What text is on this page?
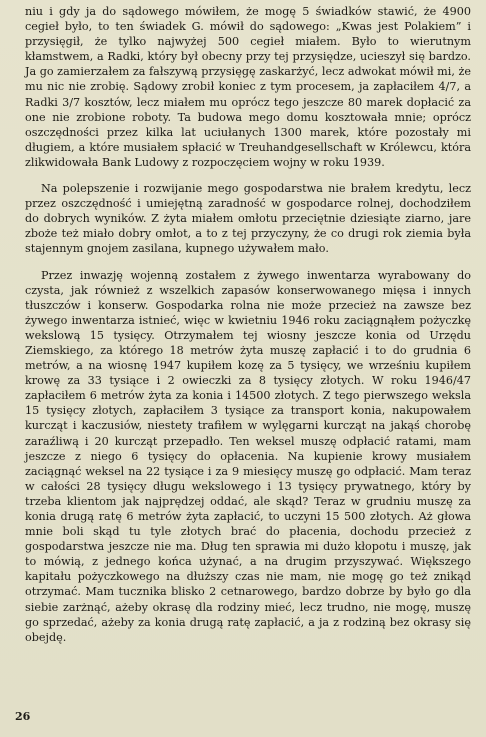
niu i gdy ja do sądowego mówiłem, że mogę 5 świadków stawić, że 4900 cegieł było, to ten świadek G. mówił do sądowego: „Kwas jest Polakiem” i przysięgił, że tylko najwyżej 500 cegieł miałem. Było to wierutnym kłamstwem, a Radki, który był obecny przy tej przysiędze, ucieszył się bardzo. Ja go zamierzałem za fałszywą przysięgę zaskarżyć, lecz adwokat mówił mi, że mu nic nie zrobię. Sądowy zrobił koniec z tym procesem, ja zapłaciłem 4/7, a Radki 3/7 kosztów, lecz miałem mu oprócz tego jeszcze 80 marek dopłacić za one nie zrobione roboty. Ta budowa mego domu kosztowała mnie; oprócz oszczędności przez kilka lat uciułanych 1300 marek, które pozostały mi długiem, a które musiałem spłacić w Treuhandgesellschaft w Królewcu, która zlikwidowała Bank Ludowy z rozpoczęciem wojny w roku 1939.

Na polepszenie i rozwijanie mego gospodarstwa nie brałem kredytu, lecz przez oszczędność i umiejętną zaradność w gospodarce rolnej, dochodziłem do dobrych wyników. Z żyta miałem omłotu przeciętnie dziesiąte ziarno, jare zboże też miało dobry omłot, a to z tej przyczyny, że co drugi rok ziemia była stajennym gnojem zasilana, kupnego używałem mało.

Przez inwazję wojenną zostałem z żywego inwentarza wyrabowany do czysta, jak również z wszelkich zapasów konserwowanego mięsa i innych tłuszczów i konserw. Gospodarka rolna nie może przecież na zawsze bez żywego inwentarza istnieć, więc w kwietniu 1946 roku zaciągnąłem pożyczkę wekslową 15 tysięcy. Otrzymałem tej wiosny jeszcze konia od Urzędu Ziemskiego, za którego 18 metrów żyta muszę zapłacić i to do grudnia 6 metrów, a na wiosnę 1947 kupiłem kozę za 5 tysięcy, we wrześniu kupiłem krowę za 33 tysiące i 2 owieczki za 8 tysięcy złotych. W roku 1946/47 zapłaciłem 6 metrów żyta za konia i 14500 złotych. Z tego pierwszego weksla 15 tysięcy złotych, zapłaciłem 3 tysiące za transport konia, nakupowałem kurcząt i kaczusiów, niestety trafiłem w wylęgarni kurcząt na jakąś chorobę zaraźliwą i 20 kurcząt przepadło. Ten weksel muszę odpłacić ratami, mam jeszcze z niego 6 tysięcy do opłacenia. Na kupienie krowy musiałem zaciągnąć weksel na 22 tysiące i za 9 miesięcy muszę go odpłacić. Mam teraz w całości 28 tysięcy długu wekslowego i 13 tysięcy prywatnego, który by trzeba klientom jak najprędzej oddać, ale skąd? Teraz w grudniu muszę za konia drugą ratę 6 metrów żyta zapłacić, to uczyni 15 500 złotych. Aż głowa mnie boli skąd tu tyle złotych brać do płacenia, dochodu przecież z gospodarstwa jeszcze nie ma. Dług ten sprawia mi dużo kłopotu i muszę, jak to mówią, z jednego końca użynać, a na drugim przyszywać. Większego kapitału pożyczkowego na dłuższy czas nie mam, nie mogę go też znikąd otrzymać. Mam tucznika blisko 2 cetnarowego, bardzo dobrze by było go dla siebie zarżnąć, ażeby okrasę dla rodziny mieć, lecz trudno, nie mogę, muszę go sprzedać, ażeby za konia drugą ratę zapłacić, a ja z rodziną bez okrasy się obejdę.

26
